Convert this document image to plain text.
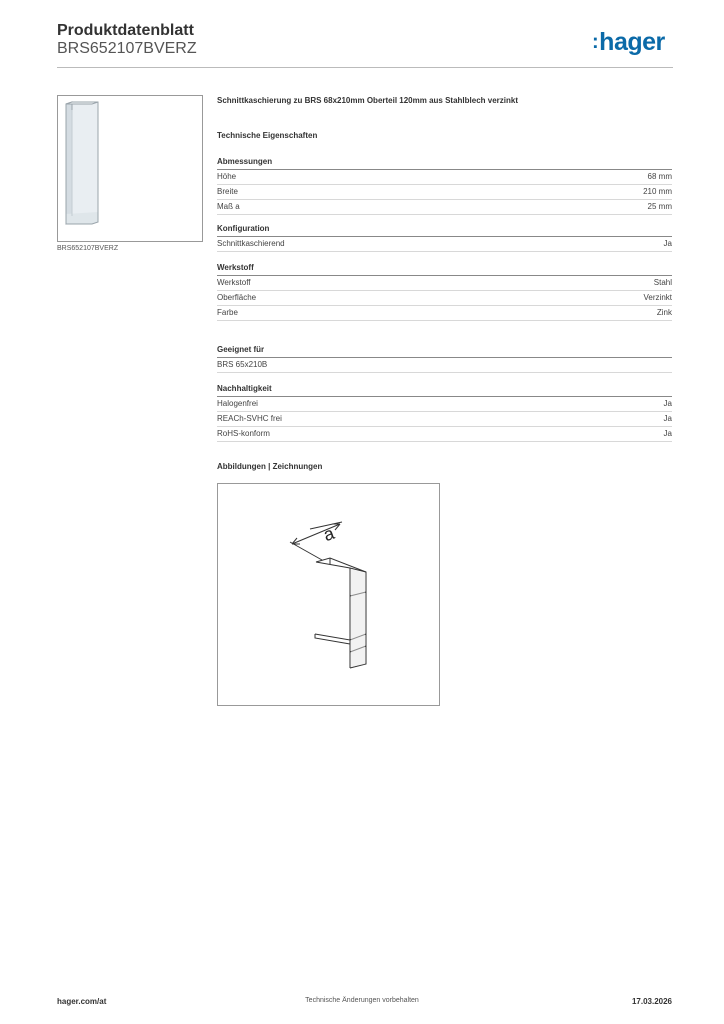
Produktdatenblatt
BRS652107BVERZ	:hager
BRS652107BVERZ
Schnittkaschierung zu BRS 68x210mm Oberteil 120mm aus Stahlblech verzinkt
Technische Eigenschaften
Abmessungen
Höhe	68 mm
Breite	210 mm
Maß a	25 mm
Konfiguration
Schnittkaschierend	Ja
Werkstoff
Werkstoff	Stahl
Oberfläche	Verzinkt
Farbe	Zink
Geeignet für
BRS 65x210B
Nachhaltigkeit
Halogenfrei	Ja
REACh-SVHC frei	Ja
RoHS-konform	Ja
Abbildungen | Zeichnungen
a
hager.com/at	Technische Änderungen vorbehalten	17.03.2026
